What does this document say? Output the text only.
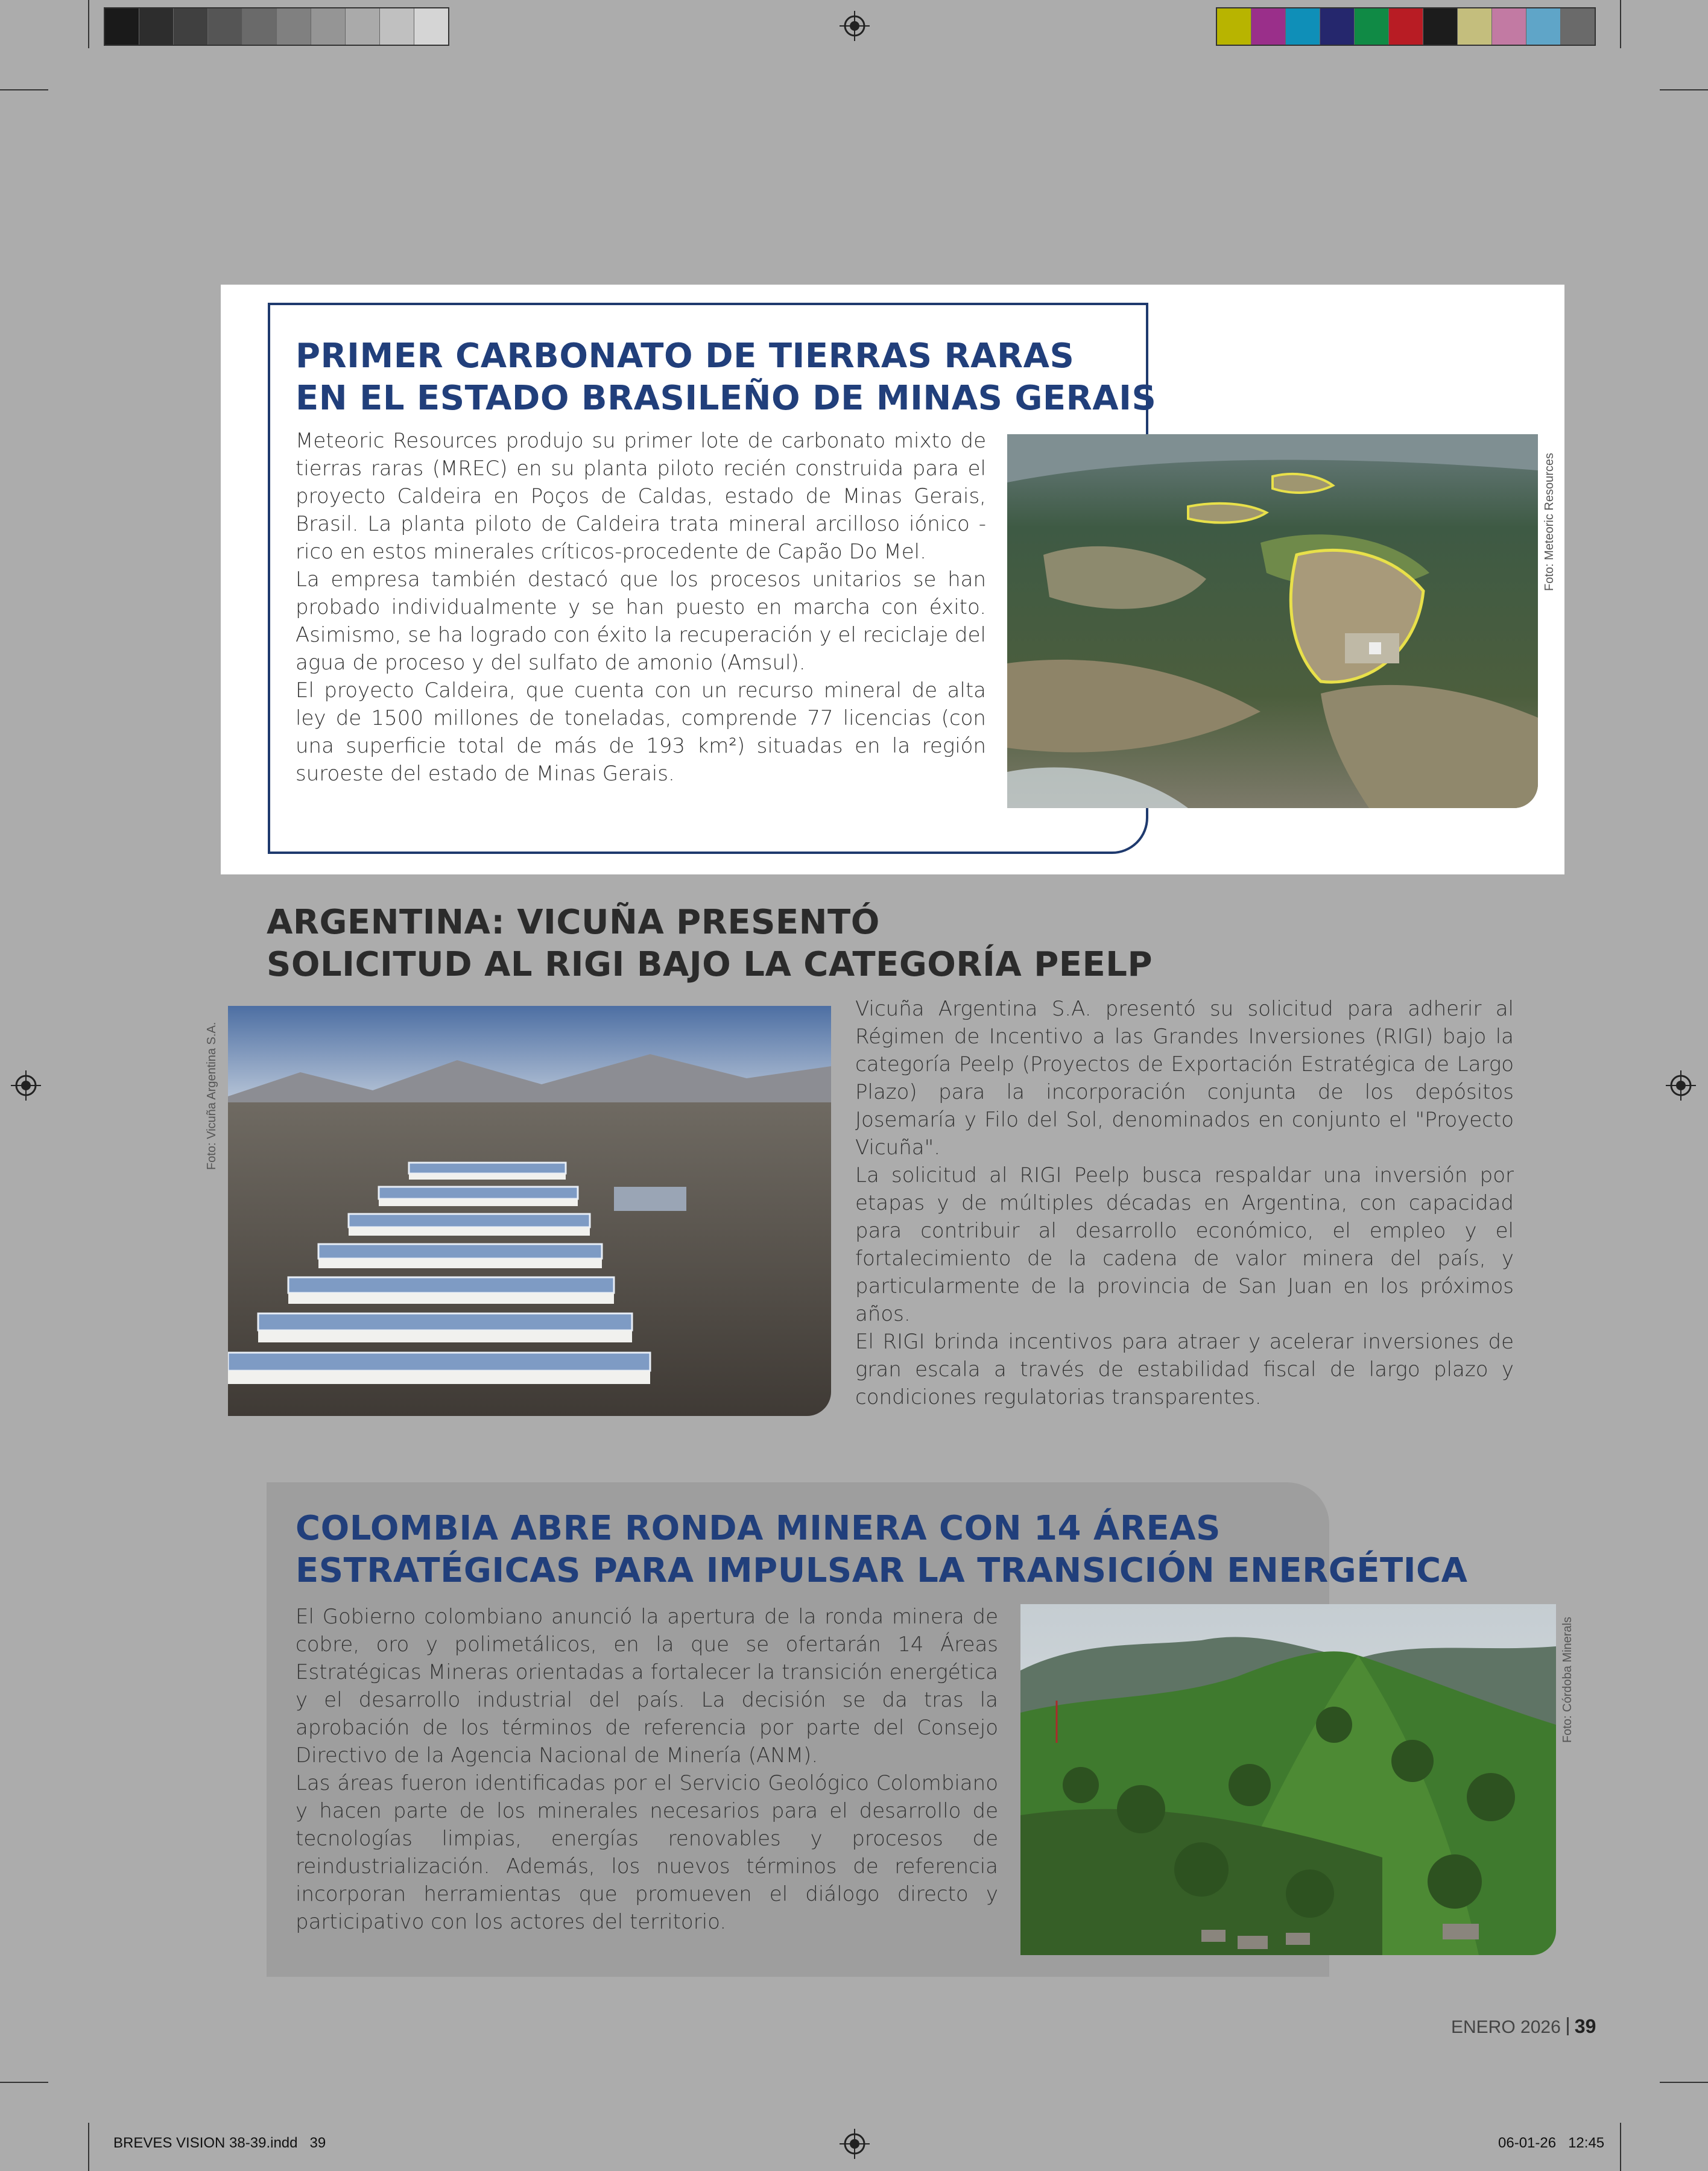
PRIMER CARBONATO DE TIERRAS RARAS
EN EL ESTADO BRASILEÑO DE MINAS GERAIS

Meteoric Resources produjo su primer lote de carbonato mixto de tierras raras (MREC) en su planta piloto recién construida para el proyecto Caldeira en Poços de Caldas, estado de Minas Gerais, Brasil. La planta piloto de Caldeira trata mineral arcilloso iónico -rico en estos minerales críticos-procedente de Capão Do Mel.

La empresa también destacó que los procesos unitarios se han probado individualmente y se han puesto en marcha con éxito. Asimismo, se ha logrado con éxito la recuperación y el reciclaje del agua de proceso y del sulfato de amonio (Amsul).

El proyecto Caldeira, que cuenta con un recurso mineral de alta ley de 1500 millones de toneladas, comprende 77 licencias (con una superficie total de más de 193 km²) situadas en la región suroeste del estado de Minas Gerais.

Foto: Meteoric Resources
ARGENTINA: VICUÑA PRESENTÓ
SOLICITUD AL RIGI BAJO LA CATEGORÍA PEELP
Foto: Vicuña Argentina S.A.

Vicuña Argentina S.A. presentó su solicitud para adherir al Régimen de Incentivo a las Grandes Inversiones (RIGI) bajo la categoría Peelp (Proyectos de Exportación Estratégica de Largo Plazo) para la incorporación conjunta de los depósitos Josemaría y Filo del Sol, denominados en conjunto el "Proyecto Vicuña".

La solicitud al RIGI Peelp busca respaldar una inversión por etapas y de múltiples décadas en Argentina, con capacidad para contribuir al desarrollo económico, el empleo y el fortalecimiento de la cadena de valor minera del país, y particularmente de la provincia de San Juan en los próximos años.

El RIGI brinda incentivos para atraer y acelerar inversiones de gran escala a través de estabilidad fiscal de largo plazo y condiciones regulatorias transparentes.

COLOMBIA ABRE RONDA MINERA CON 14 ÁREAS
ESTRATÉGICAS PARA IMPULSAR LA TRANSICIÓN ENERGÉTICA

El Gobierno colombiano anunció la apertura de la ronda minera de cobre, oro y polimetálicos, en la que se ofertarán 14 Áreas Estratégicas Mineras orientadas a fortalecer la transición energética y el desarrollo industrial del país. La decisión se da tras la aprobación de los términos de referencia por parte del Consejo Directivo de la Agencia Nacional de Minería (ANM).

Las áreas fueron identificadas por el Servicio Geológico Colombiano y hacen parte de los minerales necesarios para el desarrollo de tecnologías limpias, energías renovables y procesos de reindustrialización. Además, los nuevos términos de referencia incorporan herramientas que promueven el diálogo directo y participativo con los actores del territorio.

Foto: Córdoba Minerals
ENERO 2026 39
BREVES VISION 38-39.indd   39	06-01-26   12:45
